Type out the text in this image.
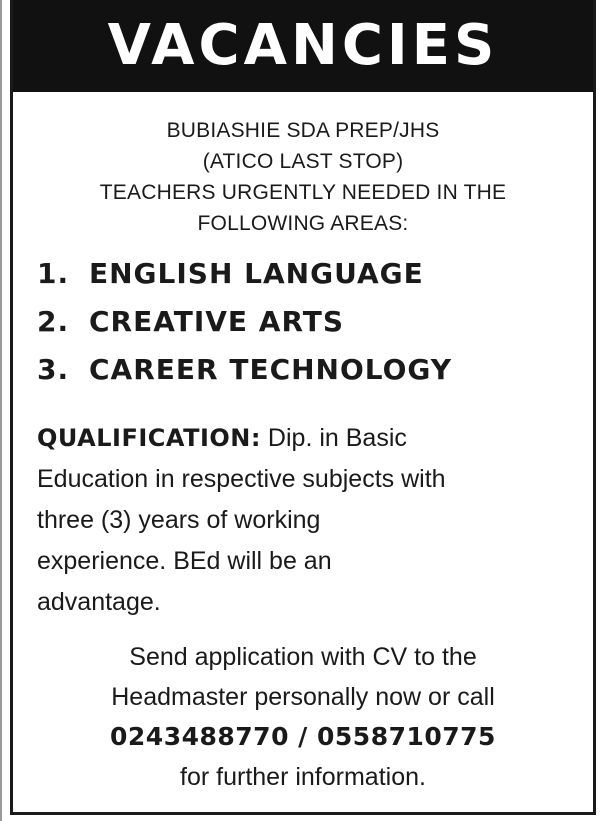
VACANCIES
BUBIASHIE SDA PREP/JHS
(ATICO LAST STOP)
TEACHERS URGENTLY NEEDED IN THE
FOLLOWING AREAS:
1. ENGLISH LANGUAGE
2. CREATIVE ARTS
3. CAREER TECHNOLOGY
QUALIFICATION: Dip. in Basic
Education in respective subjects with
three (3) years of working
experience. BEd will be an
advantage.
Send application with CV to the
Headmaster personally now or call
0243488770 / 0558710775
for further information.
